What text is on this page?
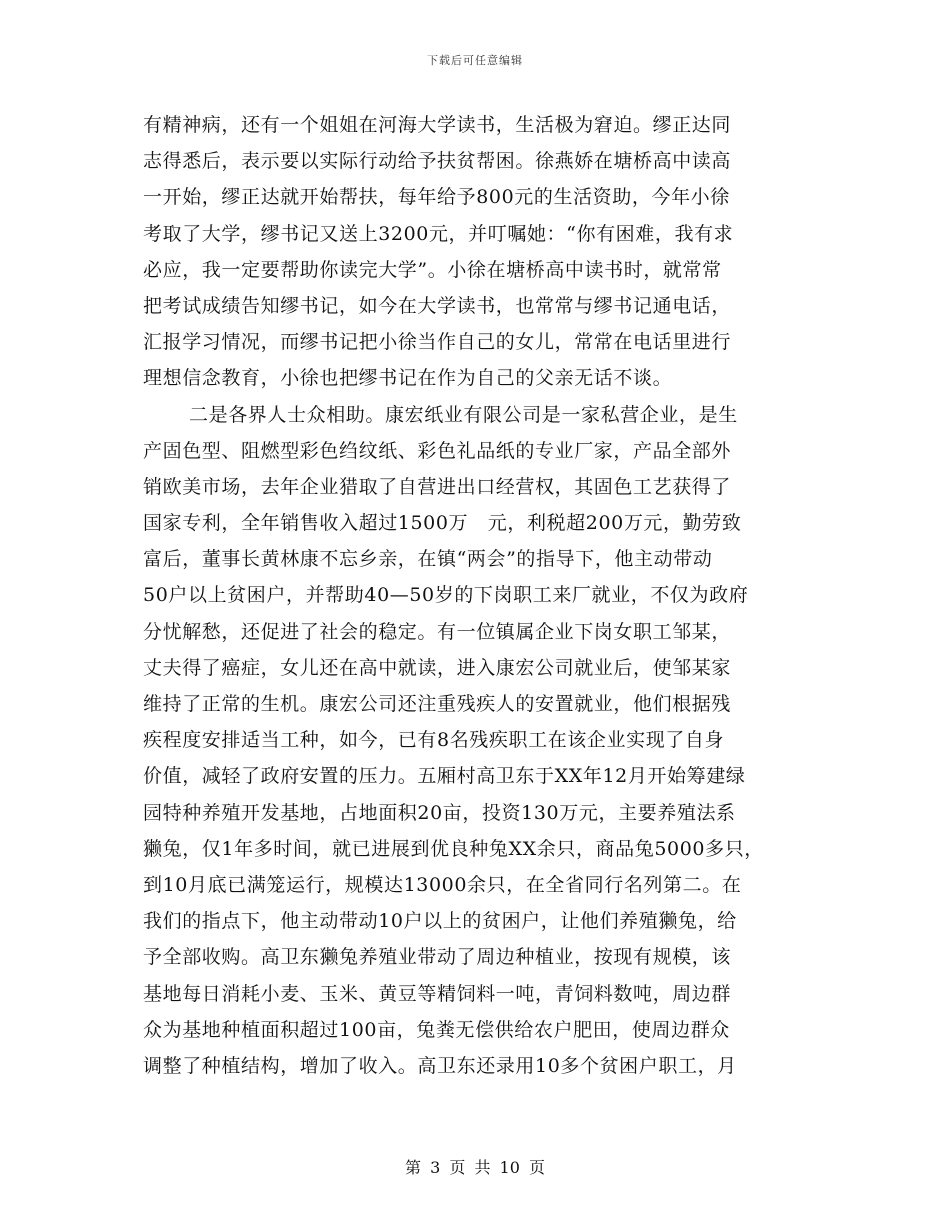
下载后可任意编辑
有精神病，还有一个姐姐在河海大学读书，生活极为窘迫。缪正达同
志得悉后，表示要以实际行动给予扶贫帮困。徐燕娇在塘桥高中读高
一开始，缪正达就开始帮扶，每年给予800元的生活资助，今年小徐
考取了大学，缪书记又送上3200元，并叮嘱她：“你有困难，我有求
必应，我一定要帮助你读完大学”。小徐在塘桥高中读书时，就常常
把考试成绩告知缪书记，如今在大学读书，也常常与缪书记通电话，
汇报学习情况，而缪书记把小徐当作自己的女儿，常常在电话里进行
理想信念教育，小徐也把缪书记在作为自己的父亲无话不谈。
二是各界人士众相助。康宏纸业有限公司是一家私营企业，是生
产固色型、阻燃型彩色绉纹纸、彩色礼品纸的专业厂家，产品全部外
销欧美市场，去年企业猎取了自营进出口经营权，其固色工艺获得了
国家专利，全年销售收入超过1500万　元，利税超200万元，勤劳致
富后，董事长黄林康不忘乡亲，在镇“两会”的指导下，他主动带动
50户以上贫困户，并帮助40—50岁的下岗职工来厂就业，不仅为政府
分忧解愁，还促进了社会的稳定。有一位镇属企业下岗女职工邹某，
丈夫得了癌症，女儿还在高中就读，进入康宏公司就业后，使邹某家
维持了正常的生机。康宏公司还注重残疾人的安置就业，他们根据残
疾程度安排适当工种，如今，已有8名残疾职工在该企业实现了自身
价值，减轻了政府安置的压力。五厢村高卫东于XX年12月开始筹建绿
园特种养殖开发基地，占地面积20亩，投资130万元，主要养殖法系
獭兔，仅1年多时间，就已进展到优良种兔XX余只，商品兔5000多只，
到10月底已满笼运行，规模达13000余只，在全省同行名列第二。在
我们的指点下，他主动带动10户以上的贫困户，让他们养殖獭兔，给
予全部收购。高卫东獭兔养殖业带动了周边种植业，按现有规模，该
基地每日消耗小麦、玉米、黄豆等精饲料一吨，青饲料数吨，周边群
众为基地种植面积超过100亩，兔粪无偿供给农户肥田，使周边群众
调整了种植结构，增加了收入。高卫东还录用10多个贫困户职工，月
第 3 页 共 10 页
